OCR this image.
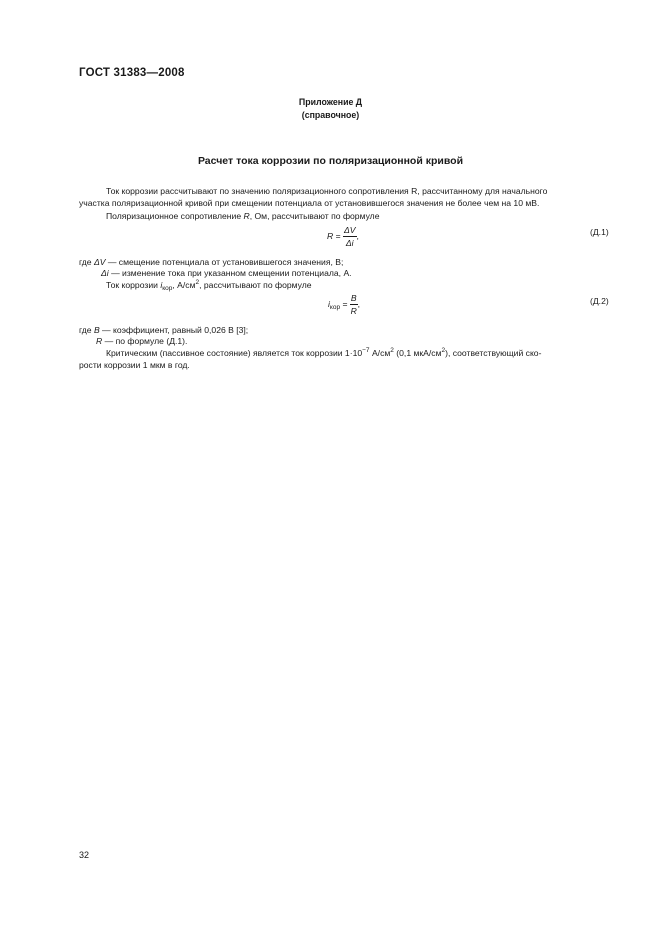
ГОСТ 31383—2008
Приложение Д
(справочное)
Расчет тока коррозии по поляризационной кривой
Ток коррозии рассчитывают по значению поляризационного сопротивления R, рассчитанному для начального
участка поляризационной кривой при смещении потенциала от установившегося значения не более чем на 10 мВ.
Поляризационное сопротивление R, Ом, рассчитывают по формуле
$R = \frac{\Delta V}{\Delta i}$ ,	(Д.1)
где ΔV — смещение потенциала от установившегося значения, В;
Δi — изменение тока при указанном смещении потенциала, А.
Ток коррозии $i_{кор}$, $А/см^2$, рассчитывают по формуле
$i_{кор} = \frac{B}{R}$ ,	(Д.2)
где B — коэффициент, равный 0,026 В [3];
R — по формуле (Д.1).
Критическим (пассивное состояние) является ток коррозии $1\cdot 10^{-7}$ $А/см^2$ (0,1 мкА/$см^2$), соответствующий ско-
рости коррозии 1 мкм в год.
32
